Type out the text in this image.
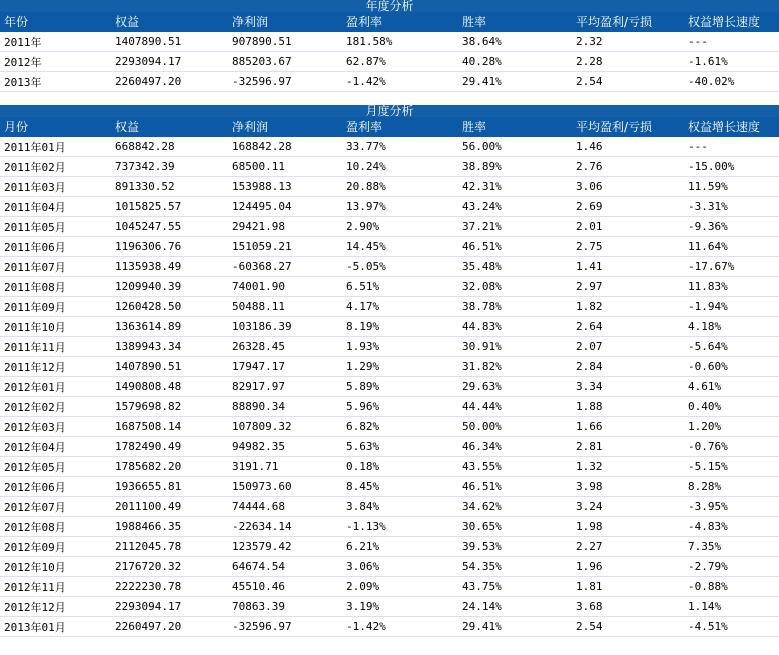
年度分析
年份	权益	净利润	盈利率	胜率	平均盈利/亏损	权益增长速度
2011年	1407890.51	907890.51	181.58%	38.64%	2.32	---
2012年	2293094.17	885203.67	62.87%	40.28%	2.28	-1.61%
2013年	2260497.20	-32596.97	-1.42%	29.41%	2.54	-40.02%
月度分析
月份	权益	净利润	盈利率	胜率	平均盈利/亏损	权益增长速度
2011年01月	668842.28	168842.28	33.77%	56.00%	1.46	---
2011年02月	737342.39	68500.11	10.24%	38.89%	2.76	-15.00%
2011年03月	891330.52	153988.13	20.88%	42.31%	3.06	11.59%
2011年04月	1015825.57	124495.04	13.97%	43.24%	2.69	-3.31%
2011年05月	1045247.55	29421.98	2.90%	37.21%	2.01	-9.36%
2011年06月	1196306.76	151059.21	14.45%	46.51%	2.75	11.64%
2011年07月	1135938.49	-60368.27	-5.05%	35.48%	1.41	-17.67%
2011年08月	1209940.39	74001.90	6.51%	32.08%	2.97	11.83%
2011年09月	1260428.50	50488.11	4.17%	38.78%	1.82	-1.94%
2011年10月	1363614.89	103186.39	8.19%	44.83%	2.64	4.18%
2011年11月	1389943.34	26328.45	1.93%	30.91%	2.07	-5.64%
2011年12月	1407890.51	17947.17	1.29%	31.82%	2.84	-0.60%
2012年01月	1490808.48	82917.97	5.89%	29.63%	3.34	4.61%
2012年02月	1579698.82	88890.34	5.96%	44.44%	1.88	0.40%
2012年03月	1687508.14	107809.32	6.82%	50.00%	1.66	1.20%
2012年04月	1782490.49	94982.35	5.63%	46.34%	2.81	-0.76%
2012年05月	1785682.20	3191.71	0.18%	43.55%	1.32	-5.15%
2012年06月	1936655.81	150973.60	8.45%	46.51%	3.98	8.28%
2012年07月	2011100.49	74444.68	3.84%	34.62%	3.24	-3.95%
2012年08月	1988466.35	-22634.14	-1.13%	30.65%	1.98	-4.83%
2012年09月	2112045.78	123579.42	6.21%	39.53%	2.27	7.35%
2012年10月	2176720.32	64674.54	3.06%	54.35%	1.96	-2.79%
2012年11月	2222230.78	45510.46	2.09%	43.75%	1.81	-0.88%
2012年12月	2293094.17	70863.39	3.19%	24.14%	3.68	1.14%
2013年01月	2260497.20	-32596.97	-1.42%	29.41%	2.54	-4.51%
